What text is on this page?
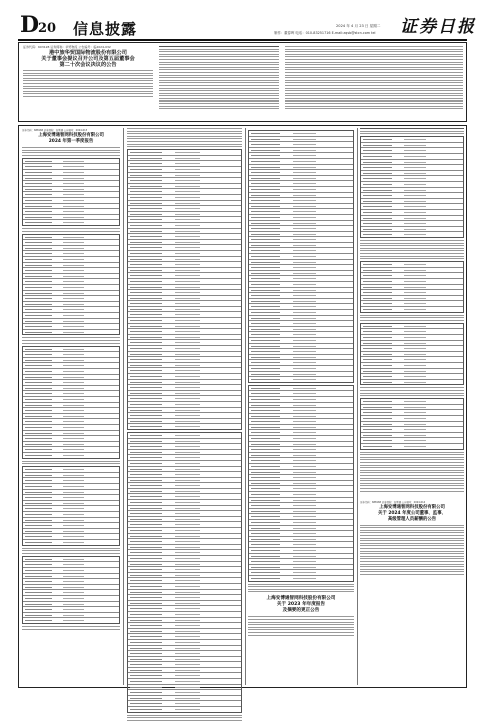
D
20 信息披露	2024 年 4 月 23 日 星期二
制作：董春晖 电话：010-83251716 E-mail:zqsb@stcn.com tel 证券日报
证券代码：603128 证券简称：华贸物流 公告编号：临2024-032
港中旅华贸国际物流股份有限公司
关于董事会提议召开公司及第五届董事会
第二十次会议决议的公告
证券代码：688168 证券简称：安博通 公告编号：2024-013
上海安博通智网科技股份有限公司
2024 年第一季度报告
上海安博通智网科技股份有限公司
关于 2023 年年度报告
及摘要的更正公告
证券代码：688168 证券简称：安博通 公告编号：2024-014
上海安博通智网科技股份有限公司
关于 2024 年度公司董事、监事、
高级管理人员薪酬的公告
